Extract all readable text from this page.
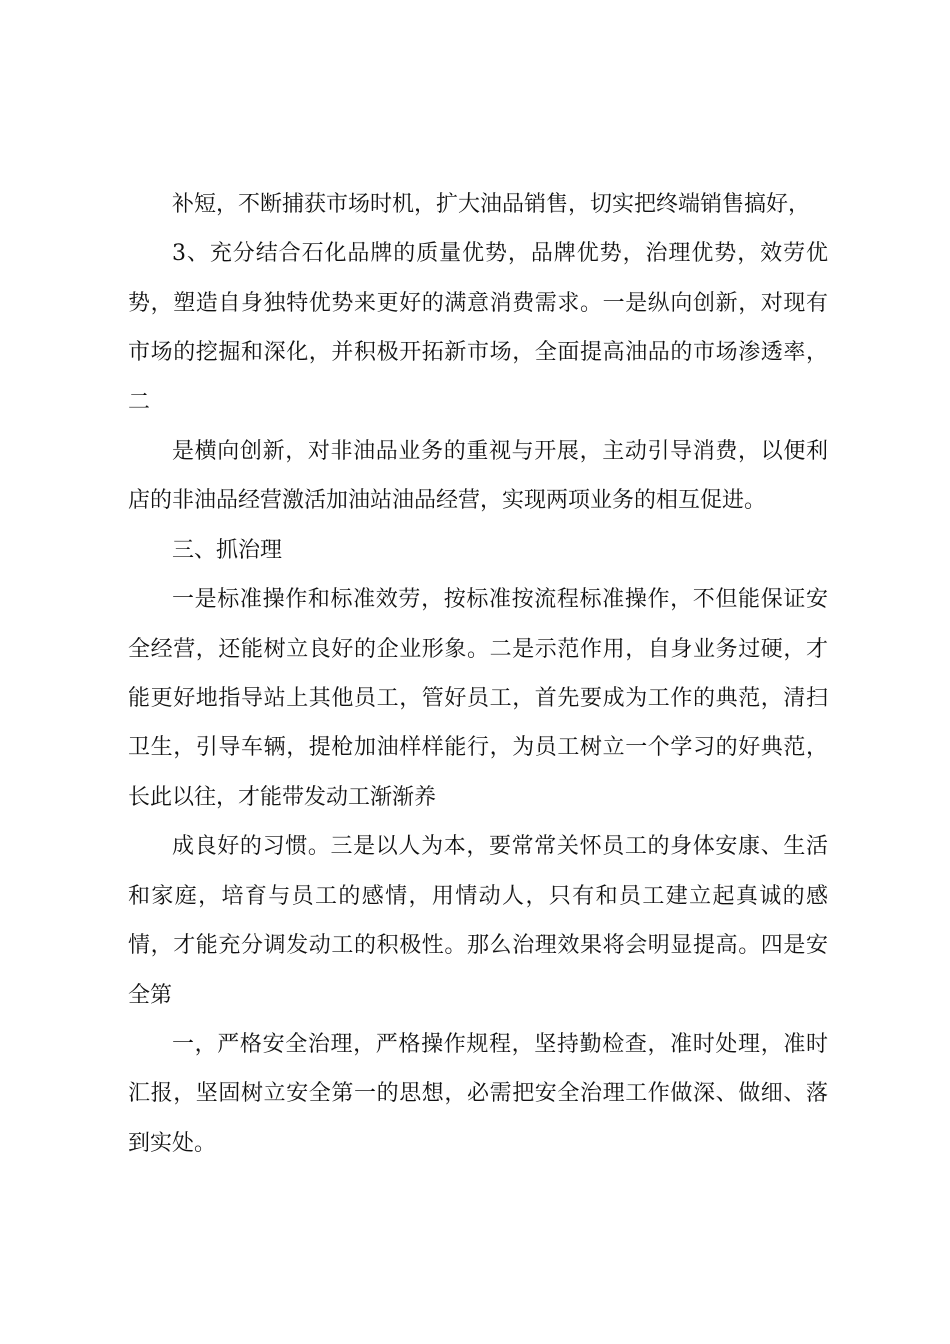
补短，不断捕获市场时机，扩大油品销售，切实把终端销售搞好，

3、充分结合石化品牌的质量优势，品牌优势，治理优势，效劳优势，塑造自身独特优势来更好的满意消费需求。一是纵向创新，对现有市场的挖掘和深化，并积极开拓新市场，全面提高油品的市场渗透率，二

是横向创新，对非油品业务的重视与开展，主动引导消费，以便利店的非油品经营激活加油站油品经营，实现两项业务的相互促进。

三、抓治理

一是标准操作和标准效劳，按标准按流程标准操作，不但能保证安全经营，还能树立良好的企业形象。二是示范作用，自身业务过硬，才能更好地指导站上其他员工，管好员工，首先要成为工作的典范，清扫卫生，引导车辆，提枪加油样样能行，为员工树立一个学习的好典范，长此以往，才能带发动工渐渐养

成良好的习惯。三是以人为本，要常常关怀员工的身体安康、生活和家庭，培育与员工的感情，用情动人，只有和员工建立起真诚的感情，才能充分调发动工的积极性。那么治理效果将会明显提高。四是安全第

一，严格安全治理，严格操作规程，坚持勤检查，准时处理，准时汇报，坚固树立安全第一的思想，必需把安全治理工作做深、做细、落到实处。
